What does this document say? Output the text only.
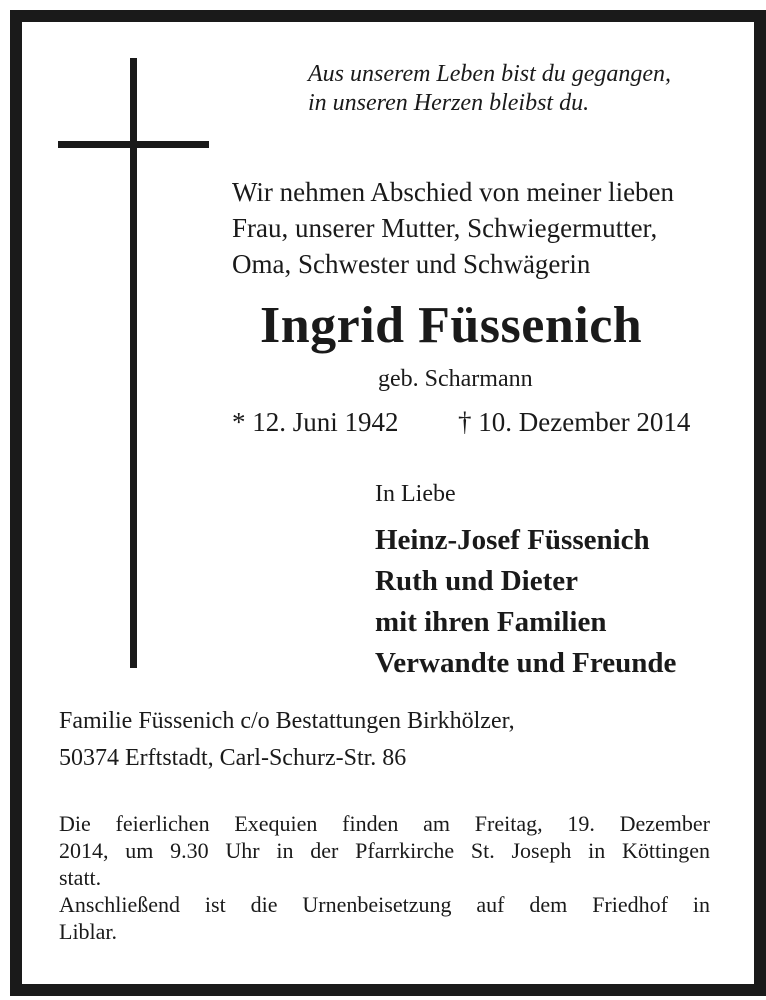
Aus unserem Leben bist du gegangen,
in unseren Herzen bleibst du.
Wir nehmen Abschied von meiner lieben
Frau, unserer Mutter, Schwiegermutter,
Oma, Schwester und Schwägerin
Ingrid Füssenich
geb. Scharmann
* 12. Juni 1942 † 10. Dezember 2014
In Liebe
Heinz-Josef Füssenich
Ruth und Dieter
mit ihren Familien
Verwandte und Freunde
Familie Füssenich c/o Bestattungen Birkhölzer,
50374 Erftstadt, Carl-Schurz-Str. 86
Die feierlichen Exequien finden am Freitag, 19. Dezember
2014, um 9.30 Uhr in der Pfarrkirche St. Joseph in Köttingen
statt.
Anschließend ist die Urnenbeisetzung auf dem Friedhof in
Liblar.
